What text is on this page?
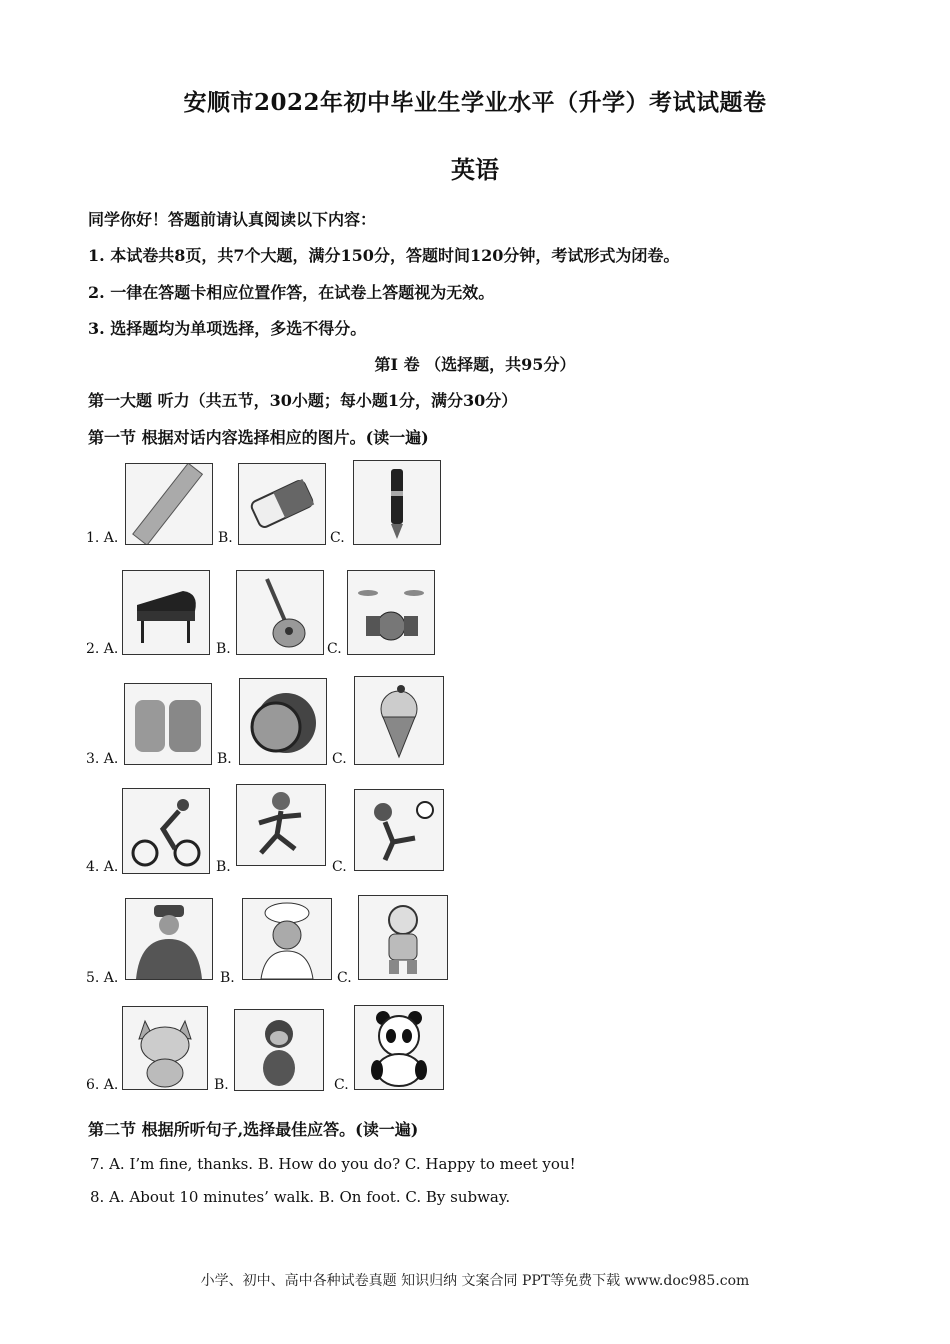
安顺市2022年初中毕业生学业水平（升学）考试试题卷
英语
同学你好！答题前请认真阅读以下内容：
1. 本试卷共8页，共7个大题，满分150分，答题时间120分钟，考试形式为闭卷。
2. 一律在答题卡相应位置作答，在试卷上答题视为无效。
3. 选择题均为单项选择，多选不得分。
第Ⅰ 卷 （选择题，共95分）
第一大题 听力（共五节，30小题；每小题1分，满分30分）
第一节 根据对话内容选择相应的图片。(读一遍)
1. A.	B.	C.
2. A.	B.	C.
3. A.	B.	C.
4. A.	B.	C.
5. A.	B.	C.
6. A.	B.	C.
第二节 根据所听句子,选择最佳应答。(读一遍)
7. A. I’m fine, thanks. B. How do you do? C. Happy to meet you!
8. A. About 10 minutes’ walk. B. On foot. C. By subway.
小学、初中、高中各种试卷真题 知识归纳 文案合同 PPT等免费下载 www.doc985.com
